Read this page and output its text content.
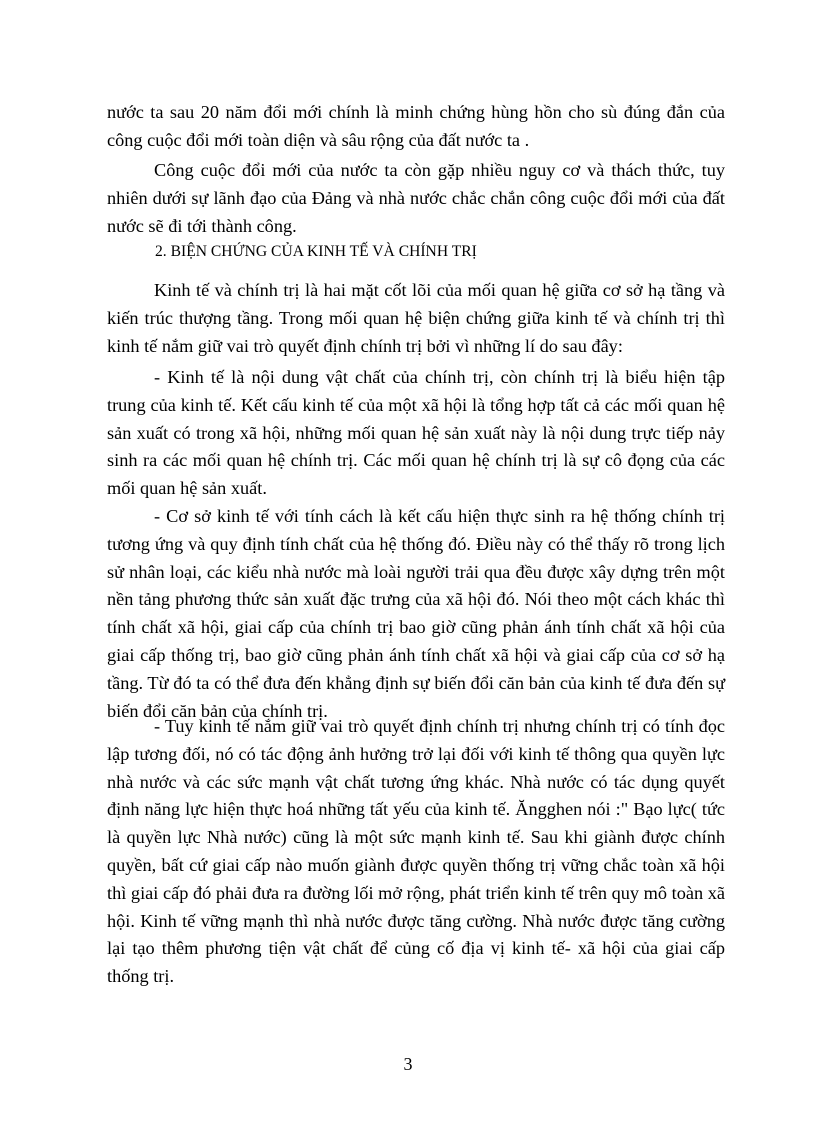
nước ta sau 20 năm đổi mới chính là minh chứng hùng hồn cho sù đúng đắn của công cuộc đổi mới toàn diện và sâu rộng của đất nước ta .

Công cuộc đổi mới của nước ta còn gặp nhiều nguy cơ và thách thức, tuy nhiên dưới sự lãnh đạo của Đảng và nhà nước chắc chắn công cuộc đổi mới của đất nước sẽ đi tới thành công.

2. BIỆN CHỨNG CỦA KINH TẾ VÀ CHÍNH TRỊ

Kinh tế và chính trị là hai mặt cốt lõi của mối quan hệ giữa cơ sở hạ tầng và kiến trúc thượng tầng. Trong mối quan hệ biện chứng giữa kinh tế và chính trị thì kinh tế nắm giữ vai trò quyết định chính trị bởi vì những lí do sau đây:

- Kinh tế là nội dung vật chất của chính trị, còn chính trị là biểu hiện tập trung của kinh tế. Kết cấu kinh tế của một xã hội là tổng hợp tất cả các mối quan hệ sản xuất có trong xã hội, những mối quan hệ sản xuất này là nội dung trực tiếp nảy sinh ra các mối quan hệ chính trị. Các mối quan hệ chính trị là sự cô đọng của các mối quan hệ sản xuất.

- Cơ sở kinh tế với tính cách là kết cấu hiện thực sinh ra hệ thống chính trị tương ứng và quy định tính chất của hệ thống đó. Điều này có thể thấy rõ trong lịch sử nhân loại, các kiểu nhà nước mà loài người trải qua đều được xây dựng trên một nền tảng phương thức sản xuất đặc trưng của xã hội đó. Nói theo một cách khác thì tính chất xã hội, giai cấp của chính trị bao giờ cũng phản ánh tính chất xã hội của giai cấp thống trị, bao giờ cũng phản ánh tính chất xã hội và giai cấp của cơ sở hạ tầng. Từ đó ta có thể đưa đến khẳng định sự biến đổi căn bản của kinh tế đưa đến sự biến đổi căn bản của chính trị.

- Tuy kinh tế nắm giữ vai trò quyết định chính trị nhưng chính trị có tính đọc lập tương đối, nó có tác động ảnh hưởng trở lại đối với kinh tế thông qua quyền lực nhà nước và các sức mạnh vật chất tương ứng khác. Nhà nước có tác dụng quyết định năng lực hiện thực hoá những tất yếu của kinh tế. Ăngghen nói :" Bạo lực( tức là quyền lực Nhà nước) cũng là một sức mạnh kinh tế. Sau khi giành được chính quyền, bất cứ giai cấp nào muốn giành được quyền thống trị vững chắc toàn xã hội thì giai cấp đó phải đưa ra đường lối mở rộng, phát triển kinh tế trên quy mô toàn xã hội. Kinh tế vững mạnh thì nhà nước được tăng cường. Nhà nước được tăng cường lại tạo thêm phương tiện vật chất để củng cố địa vị kinh tế- xã hội của giai cấp thống trị.

3
